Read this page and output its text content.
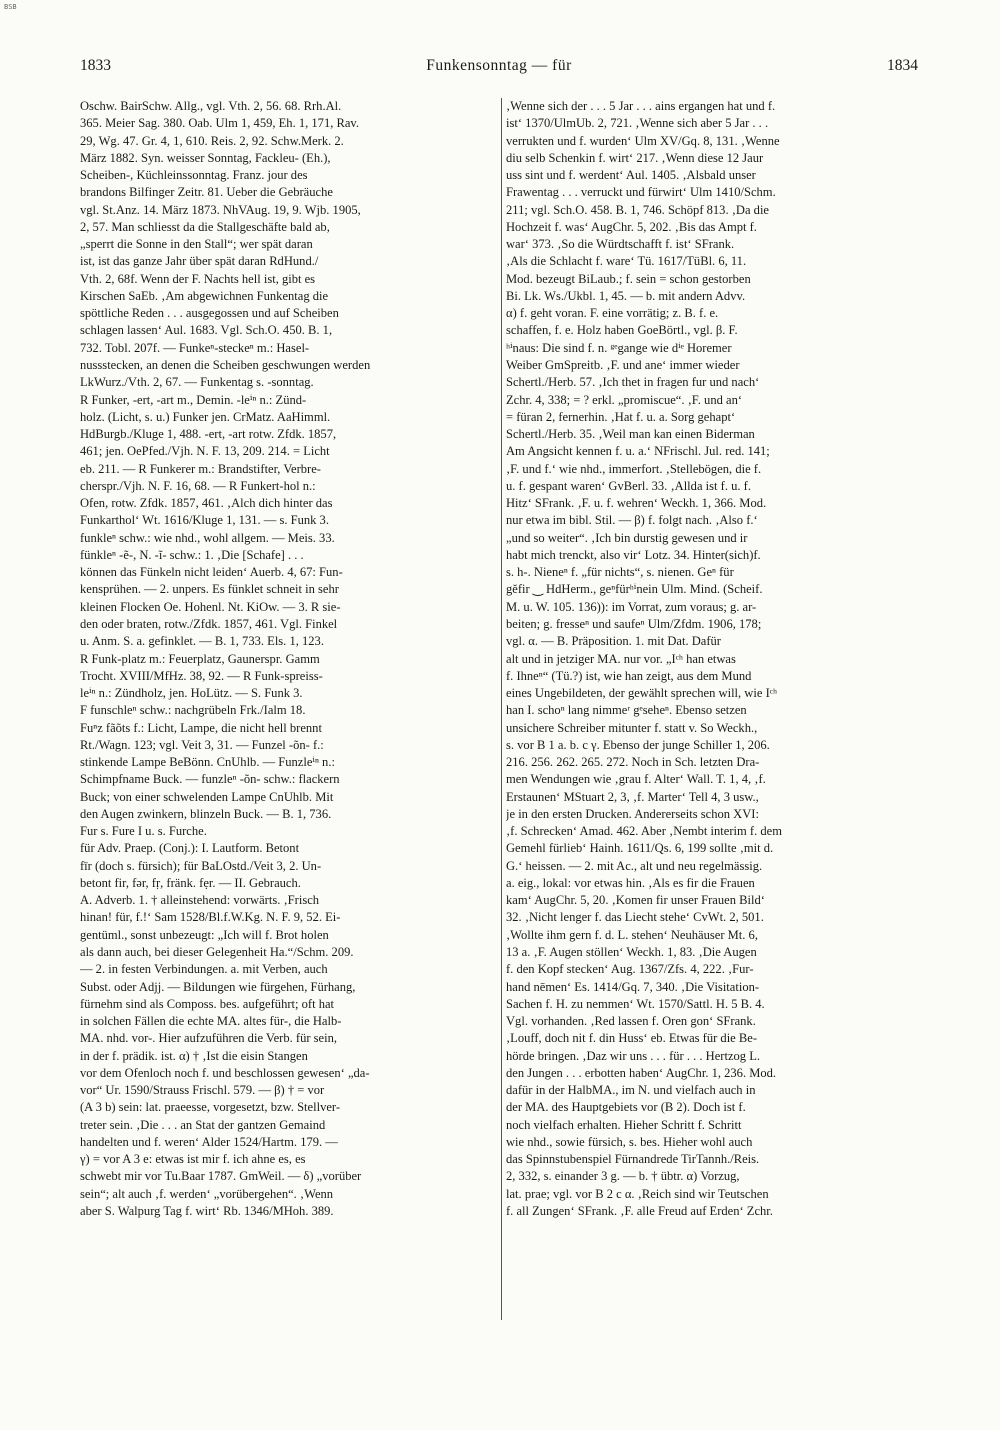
BSB
1833	Funkensonntag — für	1834
Oschw. BairSchw. Allg., vgl. Vth. 2, 56. 68. Rrh.Al.
365. Meier Sag. 380. Oab. Ulm 1, 459, Eh. 1, 171, Rav.
29, Wg. 47. Gr. 4, 1, 610. Reis. 2, 92. Schw.Merk. 2.
März 1882. Syn. weisser Sonntag, Fackleu- (Eh.),
Scheiben-, Küchleinssonntag. Franz. jour des
brandons Bilfinger Zeitr. 81. Ueber die Gebräuche
vgl. St.Anz. 14. März 1873. NhVAug. 19, 9. Wjb. 1905,
2, 57. Man schliesst da die Stallgeschäfte bald ab,
„sperrt die Sonne in den Stall“; wer spät daran
ist, ist das ganze Jahr über spät daran RdHund./
Vth. 2, 68f. Wenn der F. Nachts hell ist, gibt es
Kirschen SaEb. ‚Am abgewichnen Funkentag die
spöttliche Reden . . . ausgegossen und auf Scheiben
schlagen lassen‘ Aul. 1683. Vgl. Sch.O. 450. B. 1,
732. Tobl. 207f. — Funkeⁿ-steckeⁿ m.: Hasel-
nussstecken, an denen die Scheiben geschwungen werden
LkWurz./Vth. 2, 67. — Funkentag s. -sonntag.
R Funker, -ert, -art m., Demin. -leⁱⁿ n.: Zünd-
holz. (Licht, s. u.) Funker jen. CrMatz. AaHimml.
HdBurgb./Kluge 1, 488. -ert, -art rotw. Zfdk. 1857,
461; jen. OePfed./Vjh. N. F. 13, 209. 214. = Licht
eb. 211. — R Funkerer m.: Brandstifter, Verbre-
cherspr./Vjh. N. F. 16, 68. — R Funkert-hol n.:
Ofen, rotw. Zfdk. 1857, 461. ‚Alch dich hinter das
Funkarthol‘ Wt. 1616/Kluge 1, 131. — s. Funk 3.
funkleⁿ schw.: wie nhd., wohl allgem. — Meis. 33.
fünkleⁿ -ẽ-, N. -ĩ- schw.: 1. ‚Die [Schafe] . . .
können das Fünkeln nicht leiden‘ Auerb. 4, 67: Fun-
kensprühen. — 2. unpers. Es fünklet schneit in sehr
kleinen Flocken Oe. Hohenl. Nt. KiOw. — 3. R sie-
den oder braten, rotw./Zfdk. 1857, 461. Vgl. Finkel
u. Anm. S. a. gefinklet. — B. 1, 733. Els. 1, 123.
R Funk-platz m.: Feuerplatz, Gaunerspr. Gamm
Trocht. XVIII/MfHz. 38, 92. — R Funk-spreiss-
leⁱⁿ n.: Zündholz, jen. HoLütz. — S. Funk 3.
F funschleⁿ schw.: nachgrübeln Frk./Ialm 18.
Fuⁿz fãõts f.: Licht, Lampe, die nicht hell brennt
Rt./Wagn. 123; vgl. Veit 3, 31. — Funzel -õn- f.:
stinkende Lampe BeBönn. CnUhlb. — Funzleⁱⁿ n.:
Schimpfname Buck. — funzleⁿ -õn- schw.: flackern
Buck; von einer schwelenden Lampe CnUhlb. Mit
den Augen zwinkern, blinzeln Buck. — B. 1, 736.
Fur s. Fure I u. s. Furche.
für Adv. Praep. (Conj.): I. Lautform. Betont
fīr (doch s. fürsich); für BaLOstd./Veit 3, 2. Un-
betont fir, fər, fṛ, fränk. fẹr. — II. Gebrauch.
A. Adverb. 1. † alleinstehend: vorwärts. ‚Frisch
hinan! für, f.!‘ Sam 1528/Bl.f.W.Kg. N. F. 9, 52. Ei-
gentüml., sonst unbezeugt: „Ich will f. Brot holen
als dann auch, bei dieser Gelegenheit Ha.“/Schm. 209.
— 2. in festen Verbindungen. a. mit Verben, auch
Subst. oder Adjj. — Bildungen wie fürgehen, Fürhang,
fürnehm sind als Composs. bes. aufgeführt; oft hat
in solchen Fällen die echte MA. altes für-, die Halb-
MA. nhd. vor-. Hier aufzuführen die Verb. für sein,
in der f. prädik. ist. α) † ‚Ist die eisin Stangen
vor dem Ofenloch noch f. und beschlossen gewesen‘ „da-
vor“ Ur. 1590/Strauss Frischl. 579. — β) † = vor
(A 3 b) sein: lat. praeesse, vorgesetzt, bzw. Stellver-
treter sein. ‚Die . . . an Stat der gantzen Gemaind
handelten und f. weren‘ Alder 1524/Hartm. 179. —
γ) = vor A 3 e: etwas ist mir f. ich ahne es, es
schwebt mir vor Tu.Baar 1787. GmWeil. — δ) „vorüber
sein“; alt auch ‚f. werden‘ „vorübergehen“. ‚Wenn
aber S. Walpurg Tag f. wirt‘ Rb. 1346/MHoh. 389.
‚Wenne sich der . . . 5 Jar . . . ains ergangen hat und f.
ist‘ 1370/UlmUb. 2, 721. ‚Wenne sich aber 5 Jar . . .
verrukten und f. wurden‘ Ulm XV/Gq. 8, 131. ‚Wenne
diu selb Schenkin f. wirt‘ 217. ‚Wenn diese 12 Jaur
uss sint und f. werdent‘ Aul. 1405. ‚Alsbald unser
Frawentag . . . verruckt und fürwirt‘ Ulm 1410/Schm.
211; vgl. Sch.O. 458. B. 1, 746. Schöpf 813. ‚Da die
Hochzeit f. was‘ AugChr. 5, 202. ‚Bis das Ampt f.
war‘ 373. ‚So die Würdtschafft f. ist‘ SFrank.
‚Als die Schlacht f. ware‘ Tü. 1617/TüBl. 6, 11.
Mod. bezeugt BiLaub.; f. sein = schon gestorben
Bi. Lk. Ws./Ukbl. 1, 45. — b. mit andern Advv.
α) f. geht voran. F. eine vorrätig; z. B. f. e.
schaffen, f. e. Holz haben GoeBörtl., vgl. β. F.
ʰⁱnaus: Die sind f. n. ᵍᵉgange wie dⁱᵉ Horemer
Weiber GmSpreitb. ‚F. und ane‘ immer wieder
Schertl./Herb. 57. ‚Ich thet in fragen fur und nach‘
Zchr. 4, 338; = ? erkl. „promiscue“. ‚F. und an‘
= füran 2, fernerhin. ‚Hat f. u. a. Sorg gehapt‘
Schertl./Herb. 35. ‚Weil man kan einen Biderman
Am Angsicht kennen f. u. a.‘ NFrischl. Jul. red. 141;
‚F. und f.‘ wie nhd., immerfort. ‚Stellebögen, die f.
u. f. gespant waren‘ GvBerl. 33. ‚Allda ist f. u. f.
Hitz‘ SFrank. ‚F. u. f. wehren‘ Weckh. 1, 366. Mod.
nur etwa im bibl. Stil. — β) f. folgt nach. ‚Also f.‘
„und so weiter“. ‚Ich bin durstig gewesen und ir
habt mich trenckt, also vir‘ Lotz. 34. Hinter(sich)f.
s. h-. Nieneⁿ f. „für nichts“, s. nienen. Geⁿ für
gĕfir ‿ HdHerm., geⁿfürʰⁱnein Ulm. Mind. (Scheif.
M. u. W. 105. 136)): im Vorrat, zum voraus; g. ar-
beiten; g. fresseⁿ und saufeⁿ Ulm/Zfdm. 1906, 178;
vgl. α. — B. Präposition. 1. mit Dat. Dafür
alt und in jetziger MA. nur vor. „Iᶜʰ han etwas
f. Ihneⁿ“ (Tü.?) ist, wie han zeigt, aus dem Mund
eines Ungebildeten, der gewählt sprechen will, wie Iᶜʰ
han I. schoⁿ lang nimmeʳ gᵉseheⁿ. Ebenso setzen
unsichere Schreiber mitunter f. statt v. So Weckh.,
s. vor B 1 a. b. c γ. Ebenso der junge Schiller 1, 206.
216. 256. 262. 265. 272. Noch in Sch. letzten Dra-
men Wendungen wie ‚grau f. Alter‘ Wall. T. 1, 4, ‚f.
Erstaunen‘ MStuart 2, 3, ‚f. Marter‘ Tell 4, 3 usw.,
je in den ersten Drucken. Andererseits schon XVI:
‚f. Schrecken‘ Amad. 462. Aber ‚Nembt interim f. dem
Gemehl fürlieb‘ Hainh. 1611/Qs. 6, 199 sollte ‚mit d.
G.‘ heissen. — 2. mit Ac., alt und neu regelmässig.
a. eig., lokal: vor etwas hin. ‚Als es fir die Frauen
kam‘ AugChr. 5, 20. ‚Komen fir unser Frauen Bild‘
32. ‚Nicht lenger f. das Liecht stehe‘ CvWt. 2, 501.
‚Wollte ihm gern f. d. L. stehen‘ Neuhäuser Mt. 6,
13 a. ‚F. Augen stöllen‘ Weckh. 1, 83. ‚Die Augen
f. den Kopf stecken‘ Aug. 1367/Zfs. 4, 222. ‚Fur-
hand nēmen‘ Es. 1414/Gq. 7, 340. ‚Die Visitation-
Sachen f. H. zu nemmen‘ Wt. 1570/Sattl. H. 5 B. 4.
Vgl. vorhanden. ‚Red lassen f. Oren gon‘ SFrank.
‚Louff, doch nit f. din Huss‘ eb. Etwas für die Be-
hörde bringen. ‚Daz wir uns . . . für . . . Hertzog L.
den Jungen . . . erbotten haben‘ AugChr. 1, 236. Mod.
dafür in der HalbMA., im N. und vielfach auch in
der MA. des Hauptgebiets vor (B 2). Doch ist f.
noch vielfach erhalten. Hieher Schritt f. Schritt
wie nhd., sowie fürsich, s. bes. Hieher wohl auch
das Spinnstubenspiel Fürnandrede TirTannh./Reis.
2, 332, s. einander 3 g. — b. † übtr. α) Vorzug,
lat. prae; vgl. vor B 2 c α. ‚Reich sind wir Teutschen
f. all Zungen‘ SFrank. ‚F. alle Freud auf Erden‘ Zchr.
